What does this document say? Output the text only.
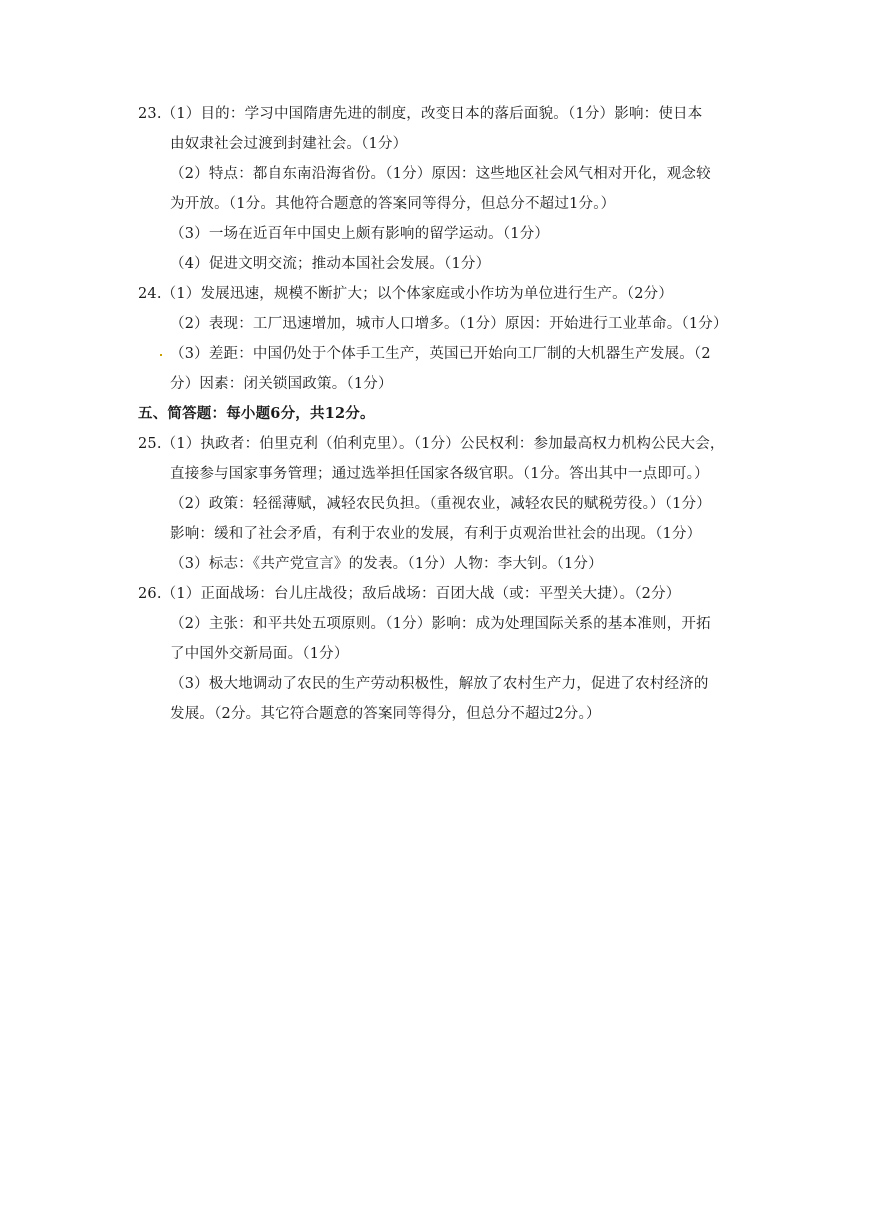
23.（1）目的：学习中国隋唐先进的制度，改变日本的落后面貌。（1分）影响：使日本
由奴隶社会过渡到封建社会。（1分）
（2）特点：都自东南沿海省份。（1分）原因：这些地区社会风气相对开化，观念较
为开放。（1分。其他符合题意的答案同等得分，但总分不超过1分。）
（3）一场在近百年中国史上颇有影响的留学运动。（1分）
（4）促进文明交流；推动本国社会发展。（1分）
24.（1）发展迅速，规模不断扩大；以个体家庭或小作坊为单位进行生产。（2分）
（2）表现：工厂迅速增加，城市人口增多。（1分）原因：开始进行工业革命。（1分）
（3）差距：中国仍处于个体手工生产，英国已开始向工厂制的大机器生产发展。（2
分）因素：闭关锁国政策。（1分）
五、简答题：每小题6分，共12分。
25.（1）执政者：伯里克利（伯利克里）。（1分）公民权利：参加最高权力机构公民大会，
直接参与国家事务管理；通过选举担任国家各级官职。（1分。答出其中一点即可。）
（2）政策：轻徭薄赋，减轻农民负担。（重视农业，减轻农民的赋税劳役。）（1分）
影响：缓和了社会矛盾，有利于农业的发展，有利于贞观治世社会的出现。（1分）
（3）标志：《共产党宣言》的发表。（1分）人物：李大钊。（1分）
26.（1）正面战场：台儿庄战役；敌后战场：百团大战（或：平型关大捷）。（2分）
（2）主张：和平共处五项原则。（1分）影响：成为处理国际关系的基本准则，开拓
了中国外交新局面。（1分）
（3）极大地调动了农民的生产劳动积极性，解放了农村生产力，促进了农村经济的
发展。（2分。其它符合题意的答案同等得分，但总分不超过2分。）
